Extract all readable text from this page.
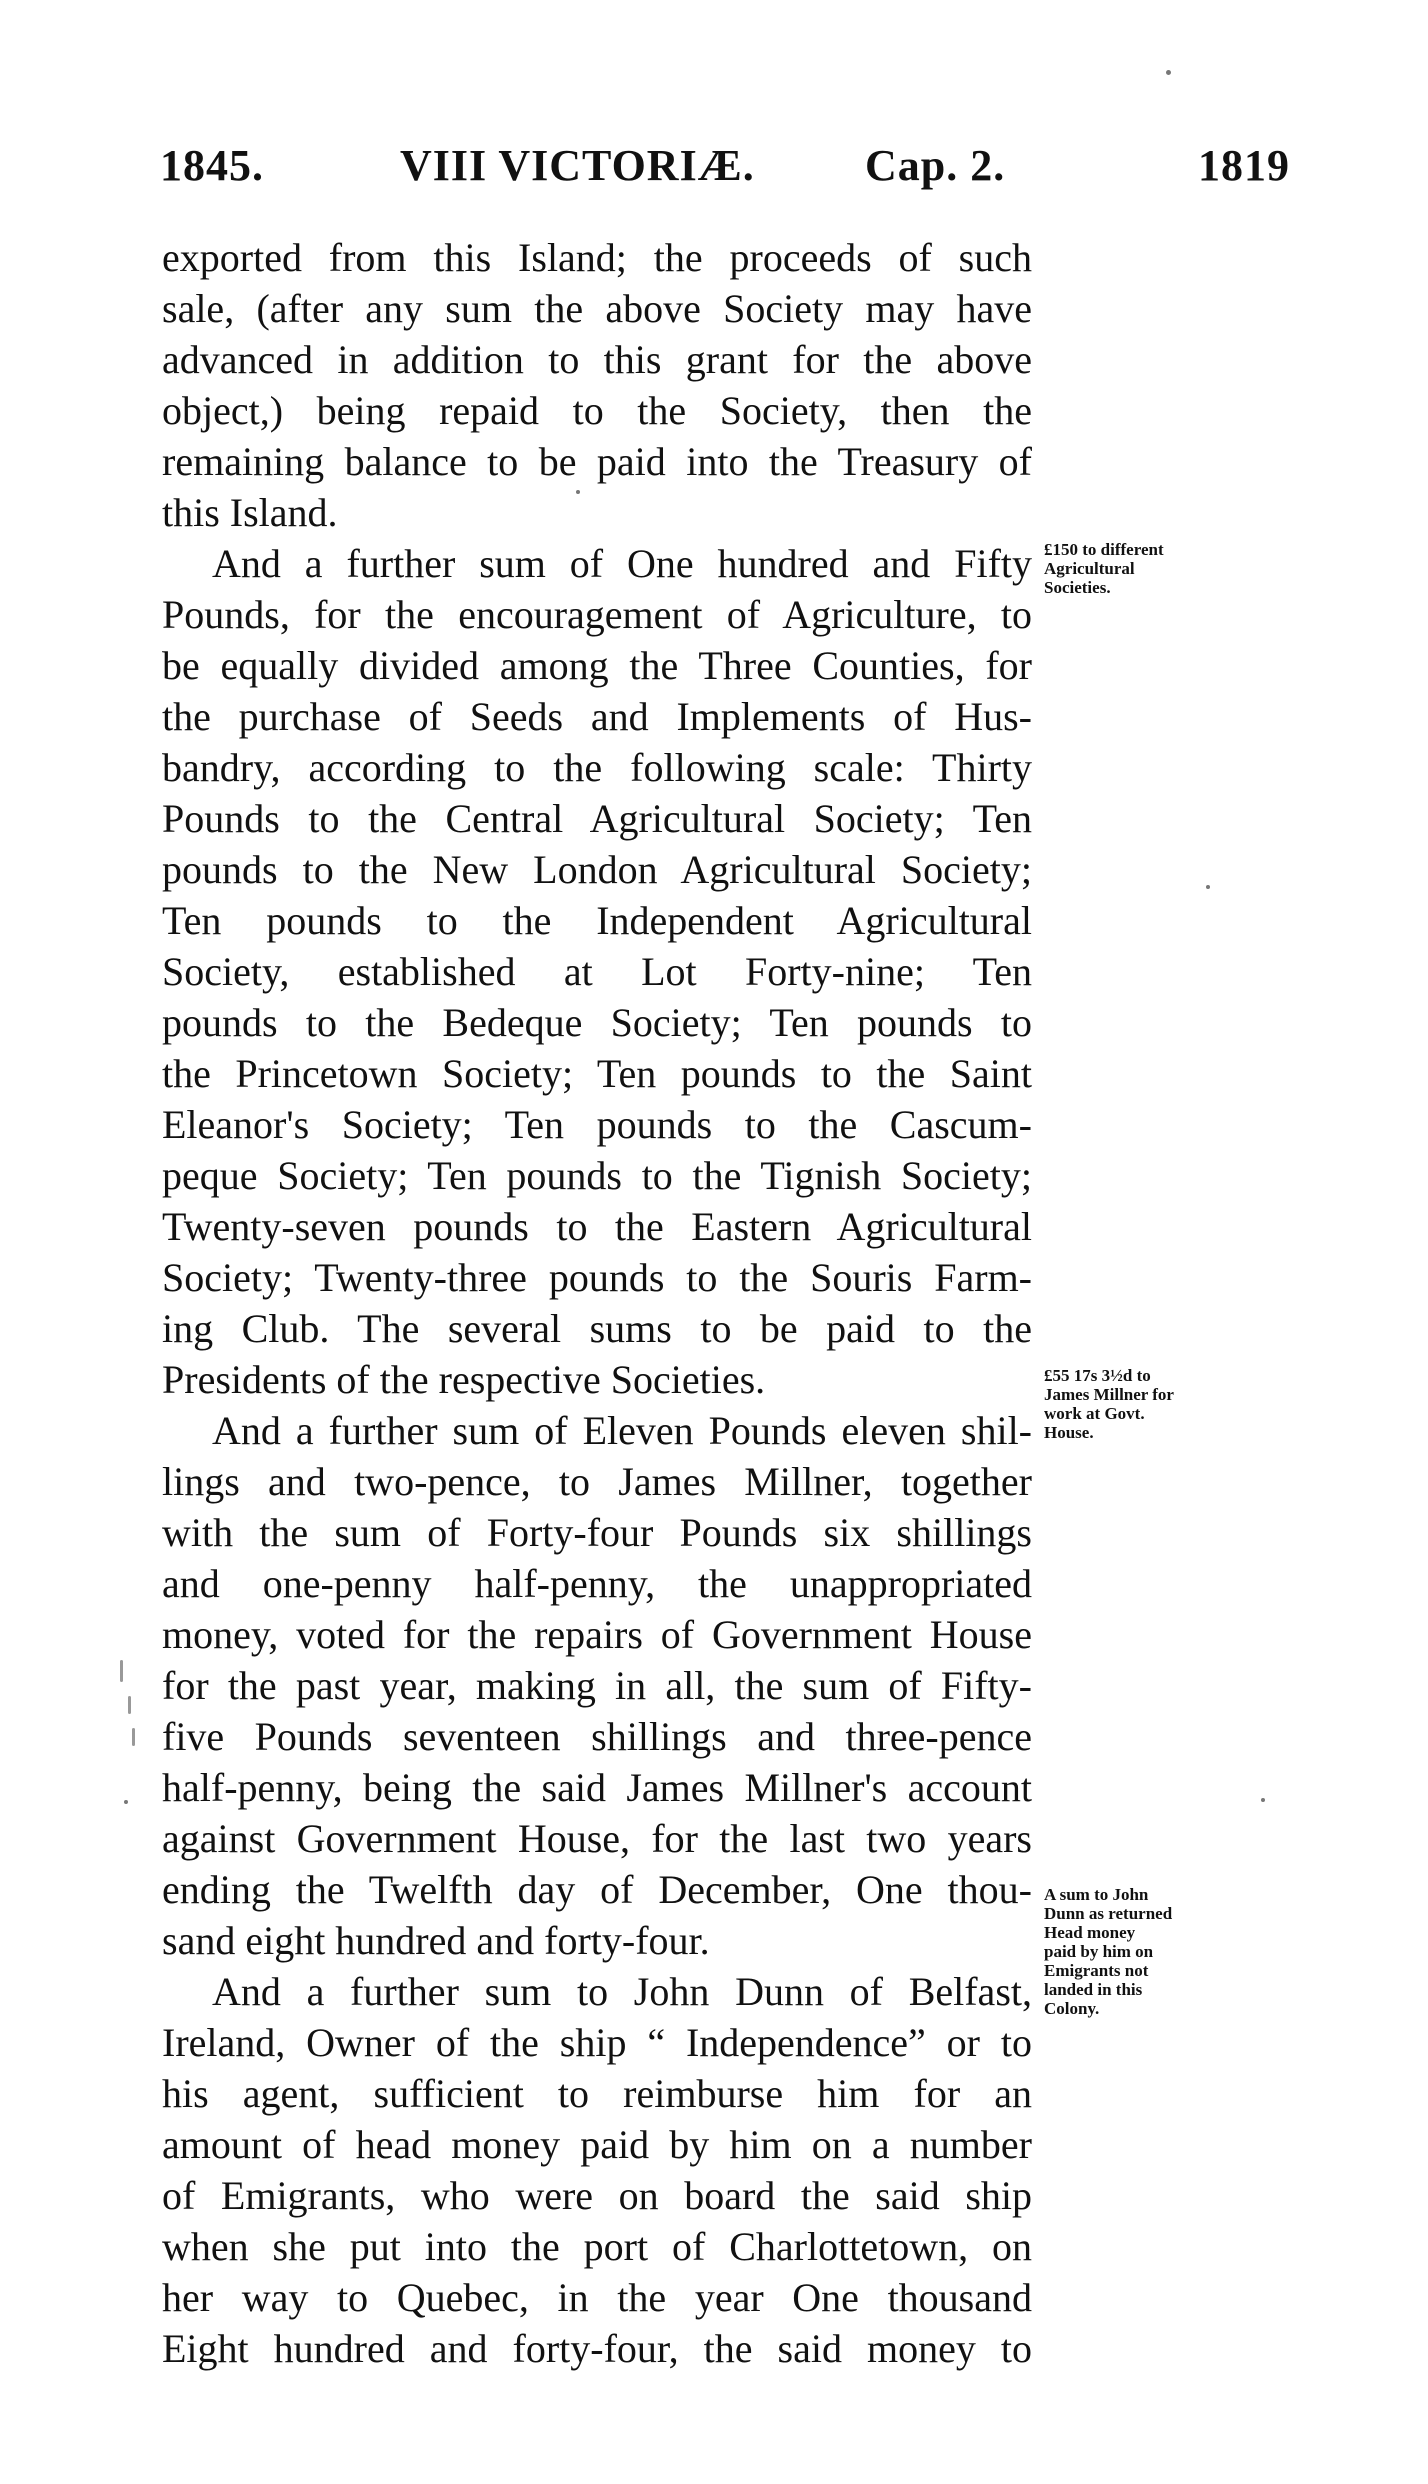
1845.	VIII VICTORIÆ.	Cap. 2.	1819
exported from this Island; the proceeds of such
sale, (after any sum the above Society may have
advanced in addition to this grant for the above
object,) being repaid to the Society, then the
remaining balance to be paid into the Treasury of
this Island.
And a further sum of One hundred and Fifty
Pounds, for the encouragement of Agriculture, to
be equally divided among the Three Counties, for
the purchase of Seeds and Implements of Hus-
bandry, according to the following scale: Thirty
Pounds to the Central Agricultural Society; Ten
pounds to the New London Agricultural Society;
Ten pounds to the Independent Agricultural
Society, established at Lot Forty-nine; Ten
pounds to the Bedeque Society; Ten pounds to
the Princetown Society; Ten pounds to the Saint
Eleanor's Society; Ten pounds to the Cascum-
peque Society; Ten pounds to the Tignish Society;
Twenty-seven pounds to the Eastern Agricultural
Society; Twenty-three pounds to the Souris Farm-
ing Club. The several sums to be paid to the
Presidents of the respective Societies.
And a further sum of Eleven Pounds eleven shil-
lings and two-pence, to James Millner, together
with the sum of Forty-four Pounds six shillings
and one-penny half-penny, the unappropriated
money, voted for the repairs of Government House
for the past year, making in all, the sum of Fifty-
five Pounds seventeen shillings and three-pence
half-penny, being the said James Millner's account
against Government House, for the last two years
ending the Twelfth day of December, One thou-
sand eight hundred and forty-four.
And a further sum to John Dunn of Belfast,
Ireland, Owner of the ship “ Independence” or to
his agent, sufficient to reimburse him for an
amount of head money paid by him on a number
of Emigrants, who were on board the said ship
when she put into the port of Charlottetown, on
her way to Quebec, in the year One thousand
Eight hundred and forty-four, the said money to
£150 to different
Agricultural
Societies.
£55 17s 3½d to
James Millner for
work at Govt.
House.
A sum to John
Dunn as returned
Head money
paid by him on
Emigrants not
landed in this
Colony.
